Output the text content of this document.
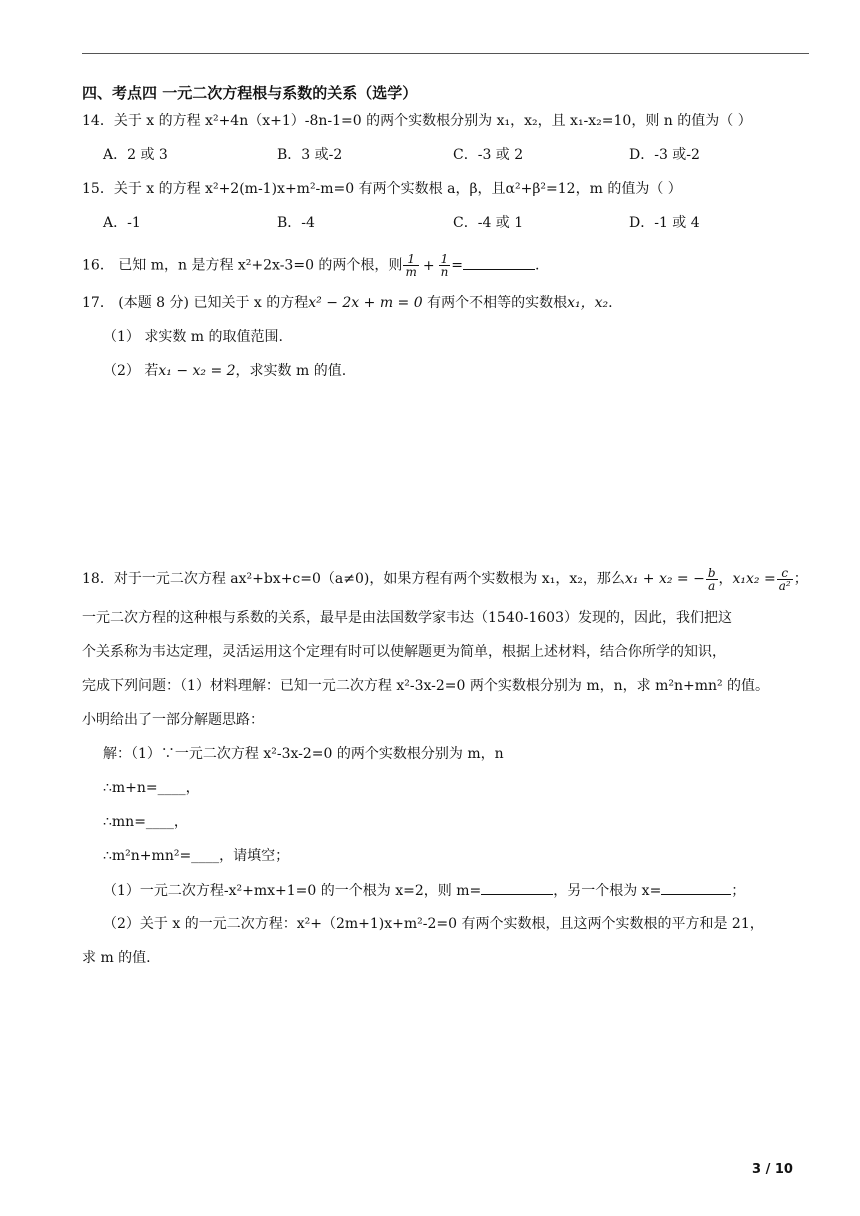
四、考点四 一元二次方程根与系数的关系（选学）
14．关于 x 的方程 x²+4n（x+1）-8n-1=0 的两个实数根分别为 x₁，x₂，且 x₁-x₂=10，则 n 的值为（ ）
A．2 或 3	B．3 或-2	C．-3 或 2	D．-3 或-2
15．关于 x 的方程 x²+2(m-1)x+m²-m=0 有两个实数根 a，β，且α²+β²=12，m 的值为（ ）
A．-1	B．-4	C．-4 或 1	D．-1 或 4
16． 已知 m，n 是方程 x²+2x-3=0 的两个根，则 $\frac{1}{m} + \frac{1}{n}$ =	.
17． (本题 8 分) 已知关于 x 的方程x² − 2x + m = 0 有两个不相等的实数根x₁，x₂.
（1） 求实数 m 的取值范围.
（2） 若x₁ − x₂ = 2，求实数 m 的值.
18．对于一元二次方程 ax²+bx+c=0（a≠0)，如果方程有两个实数根为 x₁，x₂，那么x₁ + x₂ = − $\frac{b}{a}$ ，$x_1x_2 = \frac{c}{\text{a²}}$ ；
一元二次方程的这种根与系数的关系，最早是由法国数学家韦达（1540-1603）发现的，因此，我们把这
个关系称为韦达定理，灵活运用这个定理有时可以使解题更为简单，根据上述材料，结合你所学的知识，
完成下列问题：（1）材料理解：已知一元二次方程 x²-3x-2=0 两个实数根分别为 m，n，求 m²n+mn² 的值。
小明给出了一部分解题思路：
解：（1）∵一元二次方程 x²-3x-2=0 的两个实数根分别为 m，n
∴m+n=____，
∴mn=____，
∴m²n+mn²=____，请填空；
（1）一元二次方程-x²+mx+1=0 的一个根为 x=2，则 m=	，另一个根为 x=	；
（2）关于 x 的一元二次方程：x²+（2m+1)x+m²-2=0 有两个实数根，且这两个实数根的平方和是 21，
求 m 的值.
3 / 10
